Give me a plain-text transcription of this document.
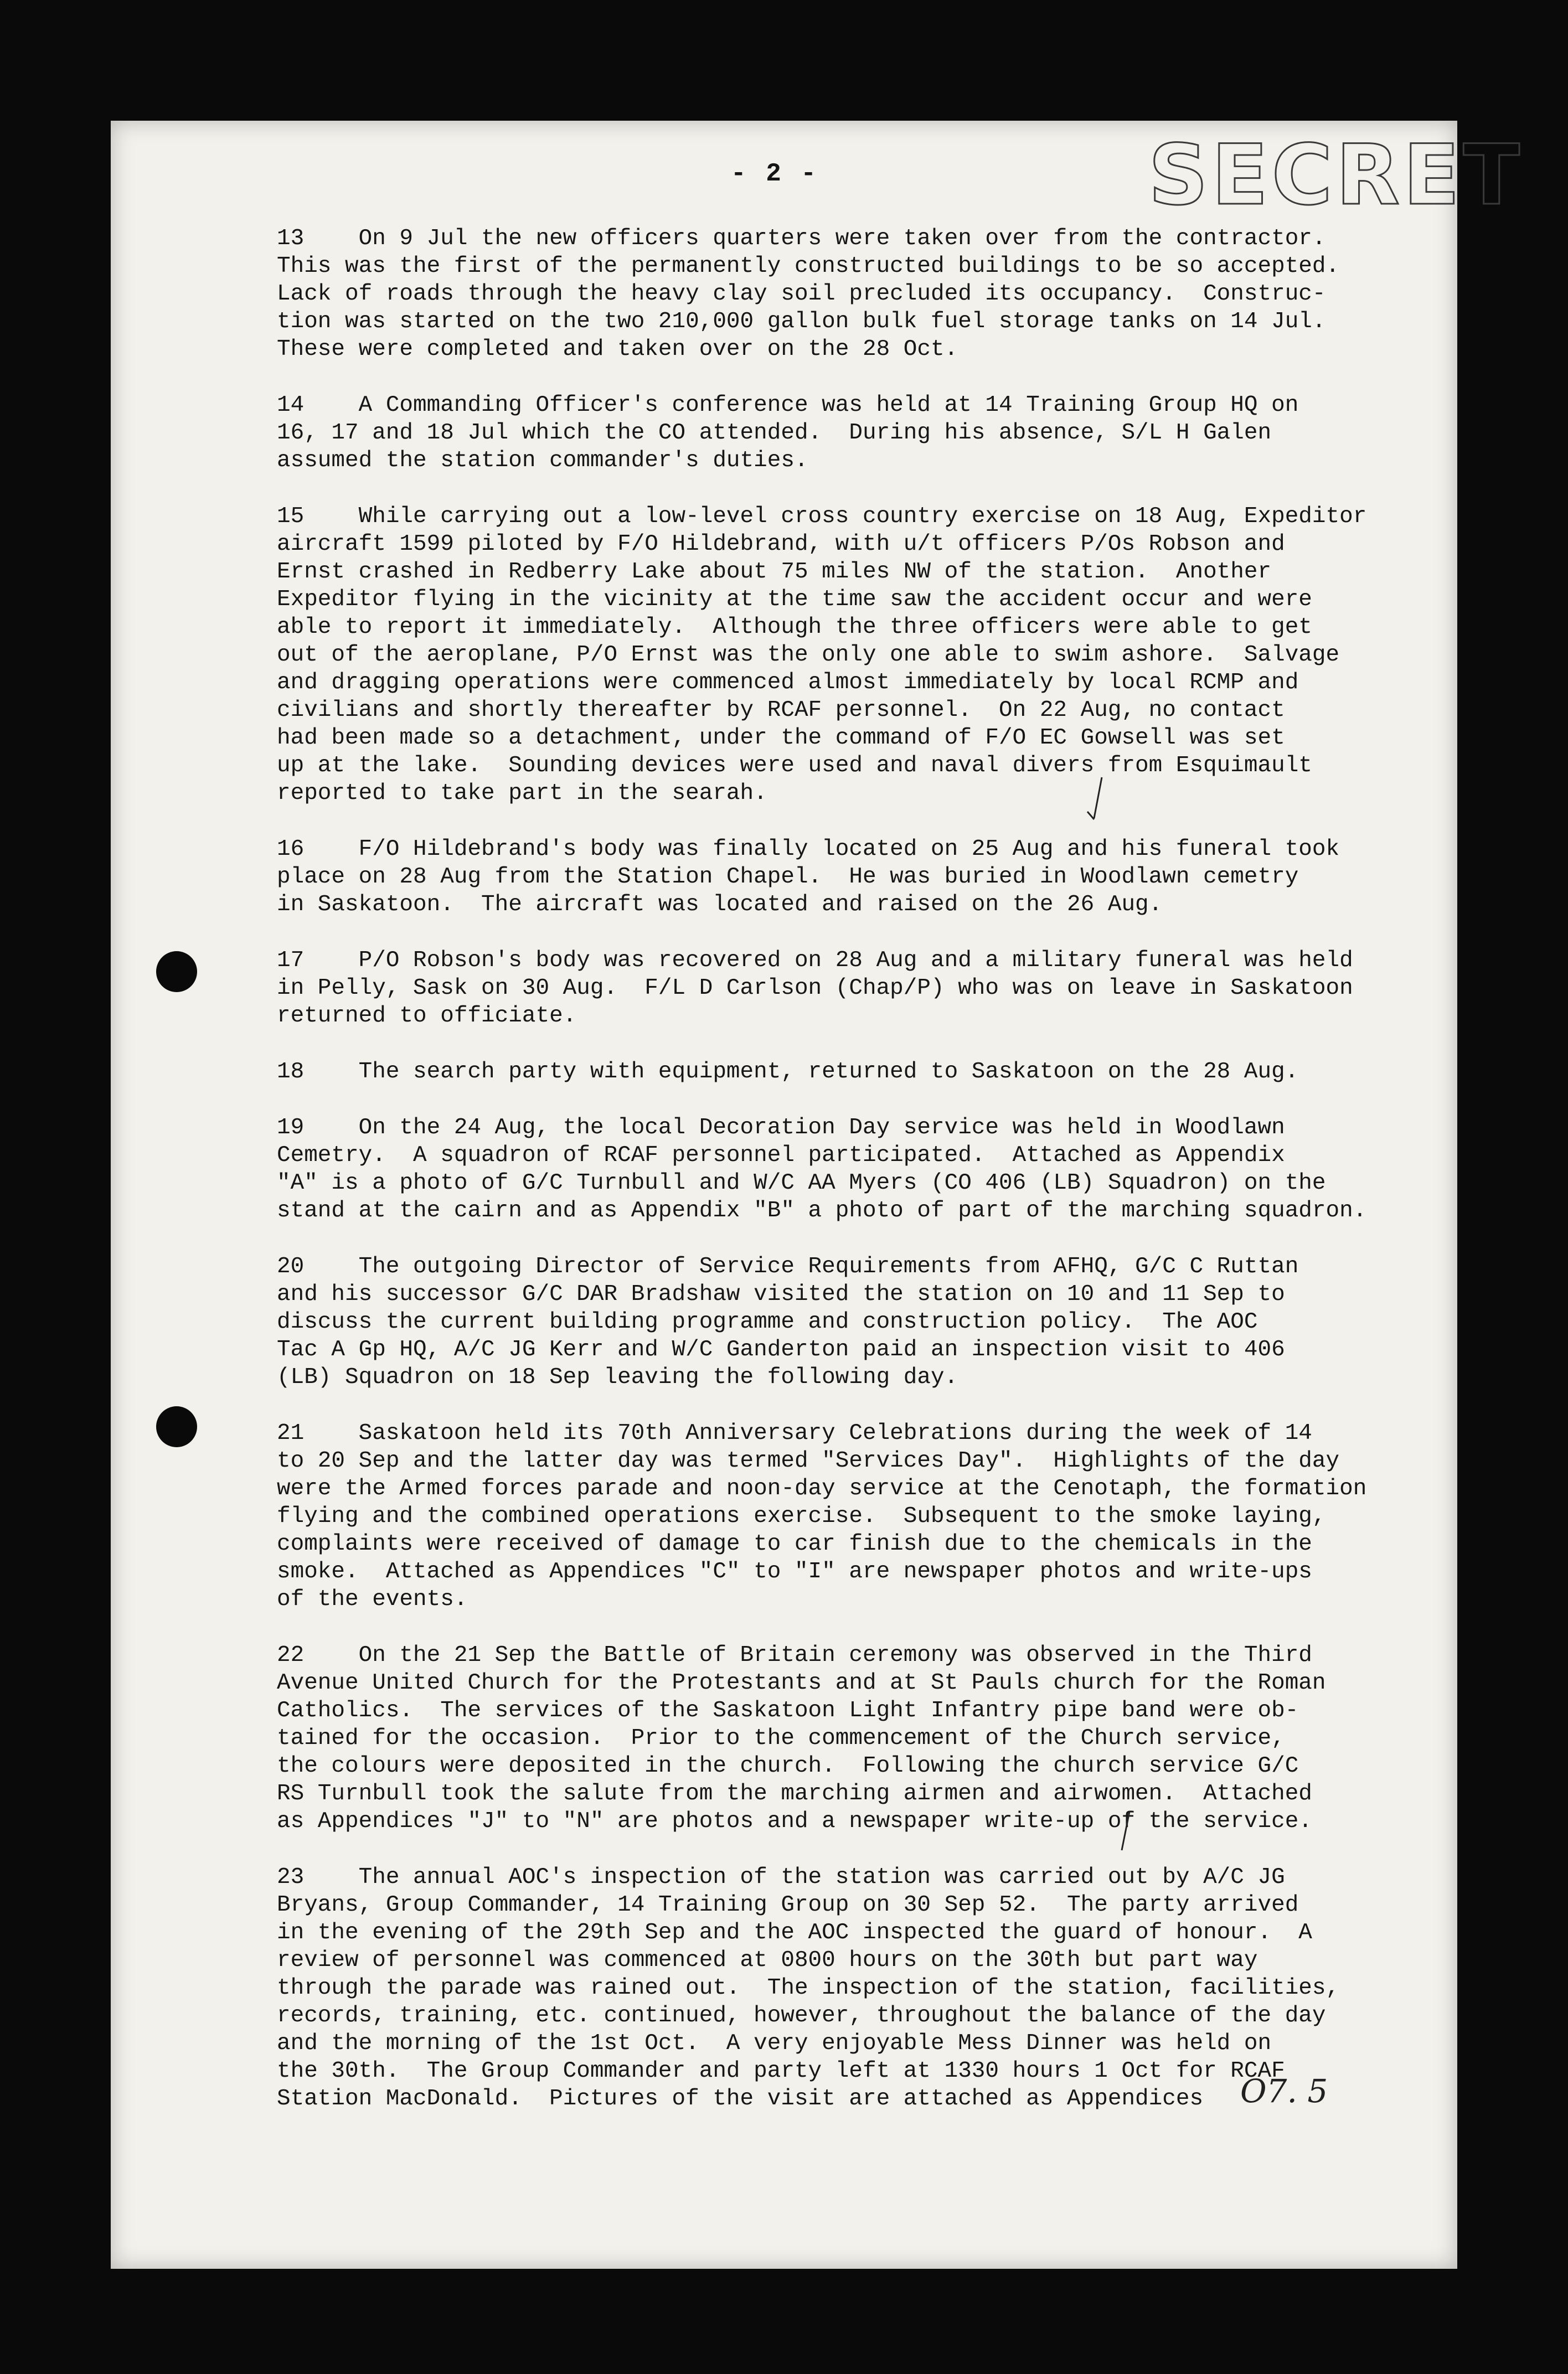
- 2 -	SECRET
13    On 9 Jul the new officers quarters were taken over from the contractor.
This was the first of the permanently constructed buildings to be so accepted.
Lack of roads through the heavy clay soil precluded its occupancy.  Construc-
tion was started on the two 210,000 gallon bulk fuel storage tanks on 14 Jul.
These were completed and taken over on the 28 Oct.
14    A Commanding Officer's conference was held at 14 Training Group HQ on
16, 17 and 18 Jul which the CO attended.  During his absence, S/L H Galen
assumed the station commander's duties.
15    While carrying out a low-level cross country exercise on 18 Aug, Expeditor
aircraft 1599 piloted by F/O Hildebrand, with u/t officers P/Os Robson and
Ernst crashed in Redberry Lake about 75 miles NW of the station.  Another
Expeditor flying in the vicinity at the time saw the accident occur and were
able to report it immediately.  Although the three officers were able to get
out of the aeroplane, P/O Ernst was the only one able to swim ashore.  Salvage
and dragging operations were commenced almost immediately by local RCMP and
civilians and shortly thereafter by RCAF personnel.  On 22 Aug, no contact
had been made so a detachment, under the command of F/O EC Gowsell was set
up at the lake.  Sounding devices were used and naval divers from Esquimault
reported to take part in the searah.
16    F/O Hildebrand's body was finally located on 25 Aug and his funeral took
place on 28 Aug from the Station Chapel.  He was buried in Woodlawn cemetry
in Saskatoon.  The aircraft was located and raised on the 26 Aug.
17    P/O Robson's body was recovered on 28 Aug and a military funeral was held
in Pelly, Sask on 30 Aug.  F/L D Carlson (Chap/P) who was on leave in Saskatoon
returned to officiate.
18    The search party with equipment, returned to Saskatoon on the 28 Aug.
19    On the 24 Aug, the local Decoration Day service was held in Woodlawn
Cemetry.  A squadron of RCAF personnel participated.  Attached as Appendix
"A" is a photo of G/C Turnbull and W/C AA Myers (CO 406 (LB) Squadron) on the
stand at the cairn and as Appendix "B" a photo of part of the marching squadron.
20    The outgoing Director of Service Requirements from AFHQ, G/C C Ruttan
and his successor G/C DAR Bradshaw visited the station on 10 and 11 Sep to
discuss the current building programme and construction policy.  The AOC
Tac A Gp HQ, A/C JG Kerr and W/C Ganderton paid an inspection visit to 406
(LB) Squadron on 18 Sep leaving the following day.
21    Saskatoon held its 70th Anniversary Celebrations during the week of 14
to 20 Sep and the latter day was termed "Services Day".  Highlights of the day
were the Armed forces parade and noon-day service at the Cenotaph, the formation
flying and the combined operations exercise.  Subsequent to the smoke laying,
complaints were received of damage to car finish due to the chemicals in the
smoke.  Attached as Appendices "C" to "I" are newspaper photos and write-ups
of the events.
22    On the 21 Sep the Battle of Britain ceremony was observed in the Third
Avenue United Church for the Protestants and at St Pauls church for the Roman
Catholics.  The services of the Saskatoon Light Infantry pipe band were ob-
tained for the occasion.  Prior to the commencement of the Church service,
the colours were deposited in the church.  Following the church service G/C
RS Turnbull took the salute from the marching airmen and airwomen.  Attached
as Appendices "J" to "N" are photos and a newspaper write-up of the service.
23    The annual AOC's inspection of the station was carried out by A/C JG
Bryans, Group Commander, 14 Training Group on 30 Sep 52.  The party arrived
in the evening of the 29th Sep and the AOC inspected the guard of honour.  A
review of personnel was commenced at 0800 hours on the 30th but part way
through the parade was rained out.  The inspection of the station, facilities,
records, training, etc. continued, however, throughout the balance of the day
and the morning of the 1st Oct.  A very enjoyable Mess Dinner was held on
the 30th.  The Group Commander and party left at 1330 hours 1 Oct for RCAF
Station MacDonald.  Pictures of the visit are attached as Appendices	O7. 5
